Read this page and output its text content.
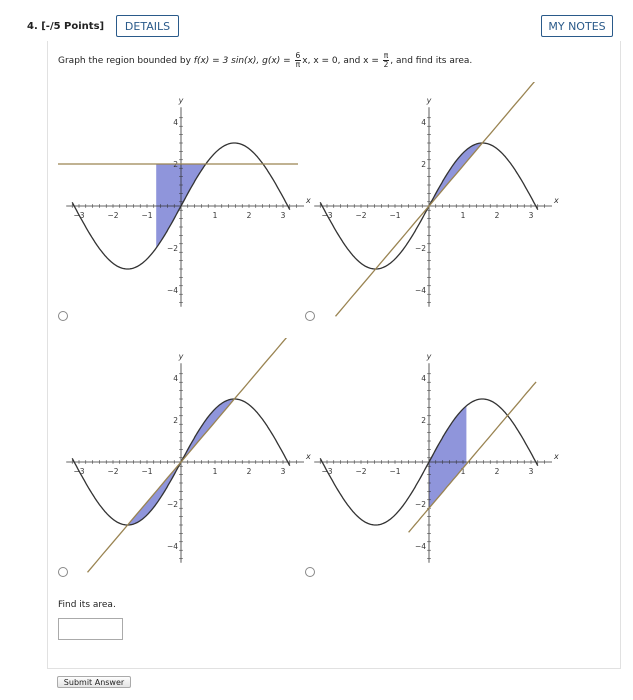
4. [-/5 Points]	DETAILS	MY NOTES
Graph the region bounded by
f(x) = 3 sin(x),
g(x) =
$\frac{6}{\pi} x$, x = 0, and x =
$\frac{\pi}{2}$ , and find its area.
−3	−2	−1	1	2	3
4
2
−2
−4
x
y
−3	−2	−1	1	2	3
4
2
−2
−4
x
y
−3	−2	−1	1	2	3
4
2
−2
−4
x
y
−3	−2	−1	1	2	3
4
2
−2
−4
x
y
Find its area.
Submit Answer
